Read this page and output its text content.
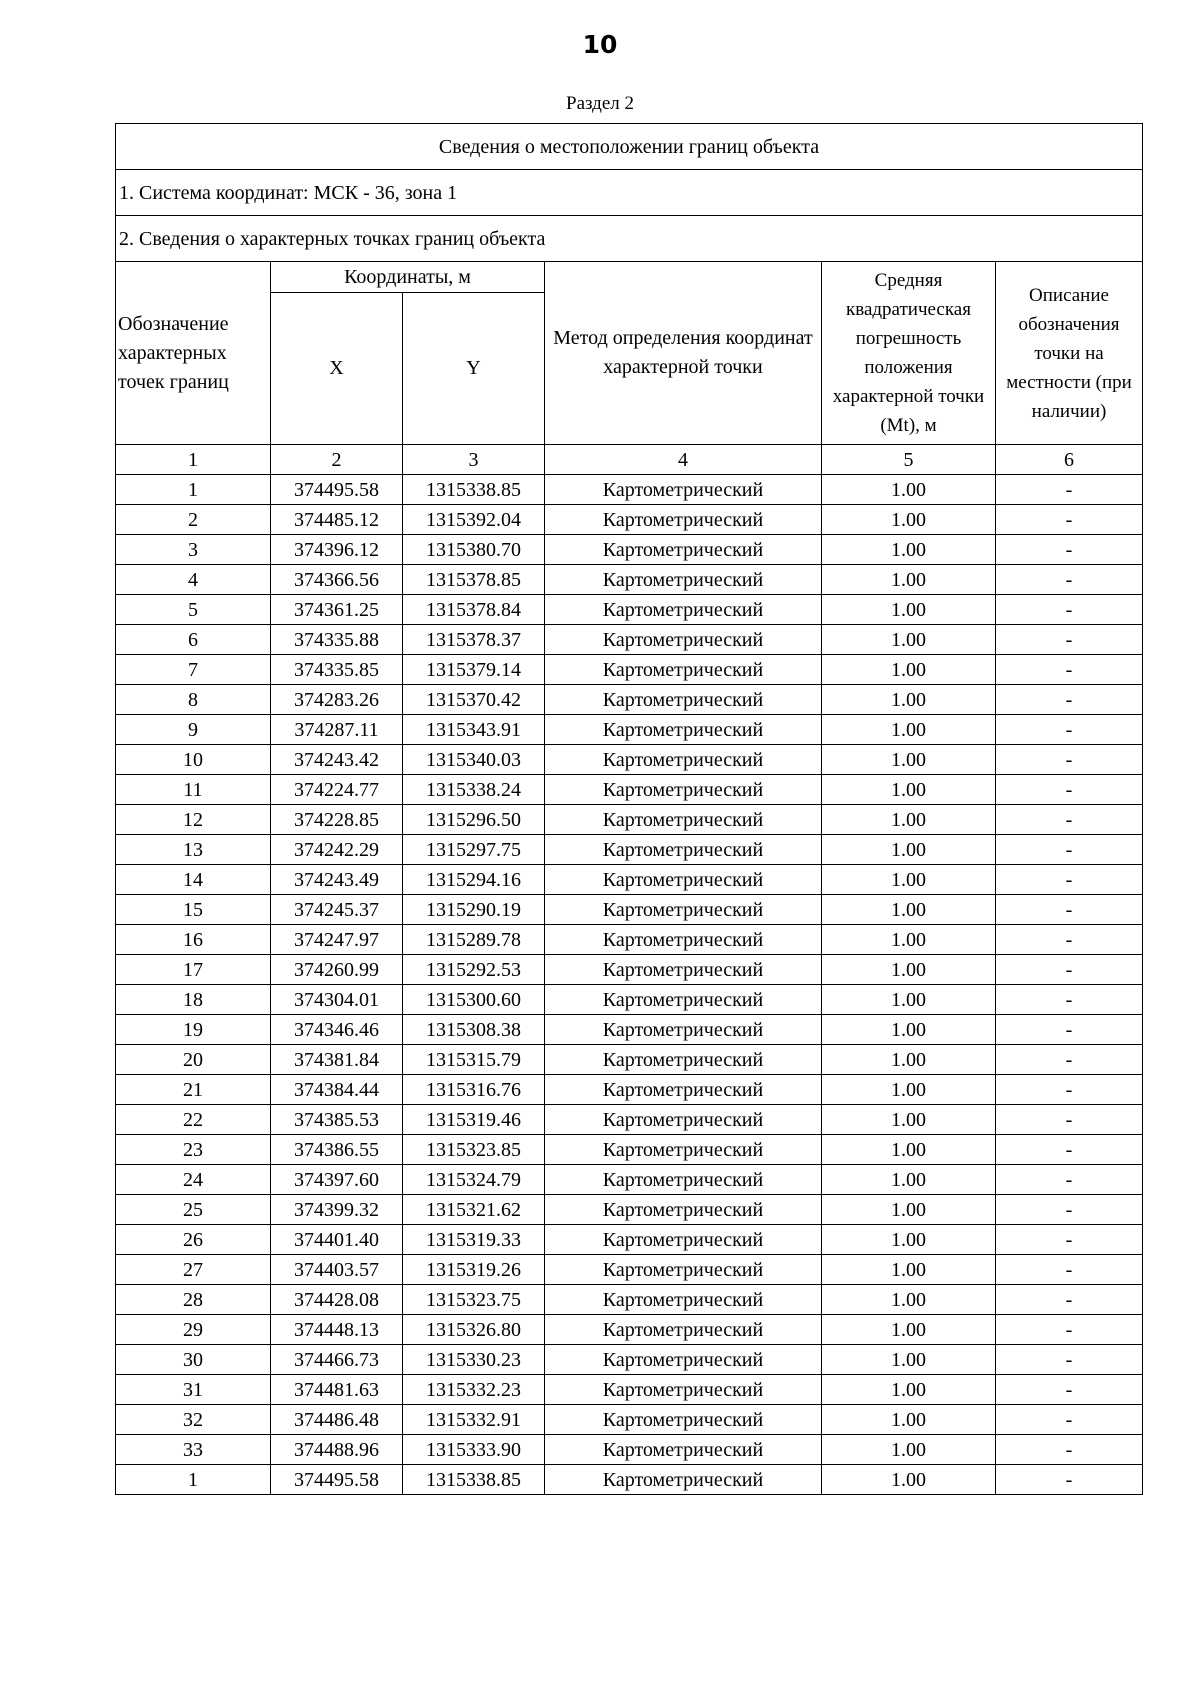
10
Раздел 2
Сведения о местоположении границ объекта					
1. Система координат: МСК - 36, зона 1					
2. Сведения о характерных точках границ объекта					
Обозначение характерных точек границ	Координаты, м		Метод определения координат характерной точки	Средняя квадратическая погрешность положения характерной точки (Mt), м	Описание обозначения точки на местности (при наличии)
	X	Y			
1	2	3	4	5	6
1	374495.58	1315338.85	Картометрический	1.00	-
2	374485.12	1315392.04	Картометрический	1.00	-
3	374396.12	1315380.70	Картометрический	1.00	-
4	374366.56	1315378.85	Картометрический	1.00	-
5	374361.25	1315378.84	Картометрический	1.00	-
6	374335.88	1315378.37	Картометрический	1.00	-
7	374335.85	1315379.14	Картометрический	1.00	-
8	374283.26	1315370.42	Картометрический	1.00	-
9	374287.11	1315343.91	Картометрический	1.00	-
10	374243.42	1315340.03	Картометрический	1.00	-
11	374224.77	1315338.24	Картометрический	1.00	-
12	374228.85	1315296.50	Картометрический	1.00	-
13	374242.29	1315297.75	Картометрический	1.00	-
14	374243.49	1315294.16	Картометрический	1.00	-
15	374245.37	1315290.19	Картометрический	1.00	-
16	374247.97	1315289.78	Картометрический	1.00	-
17	374260.99	1315292.53	Картометрический	1.00	-
18	374304.01	1315300.60	Картометрический	1.00	-
19	374346.46	1315308.38	Картометрический	1.00	-
20	374381.84	1315315.79	Картометрический	1.00	-
21	374384.44	1315316.76	Картометрический	1.00	-
22	374385.53	1315319.46	Картометрический	1.00	-
23	374386.55	1315323.85	Картометрический	1.00	-
24	374397.60	1315324.79	Картометрический	1.00	-
25	374399.32	1315321.62	Картометрический	1.00	-
26	374401.40	1315319.33	Картометрический	1.00	-
27	374403.57	1315319.26	Картометрический	1.00	-
28	374428.08	1315323.75	Картометрический	1.00	-
29	374448.13	1315326.80	Картометрический	1.00	-
30	374466.73	1315330.23	Картометрический	1.00	-
31	374481.63	1315332.23	Картометрический	1.00	-
32	374486.48	1315332.91	Картометрический	1.00	-
33	374488.96	1315333.90	Картометрический	1.00	-
1	374495.58	1315338.85	Картометрический	1.00	-
